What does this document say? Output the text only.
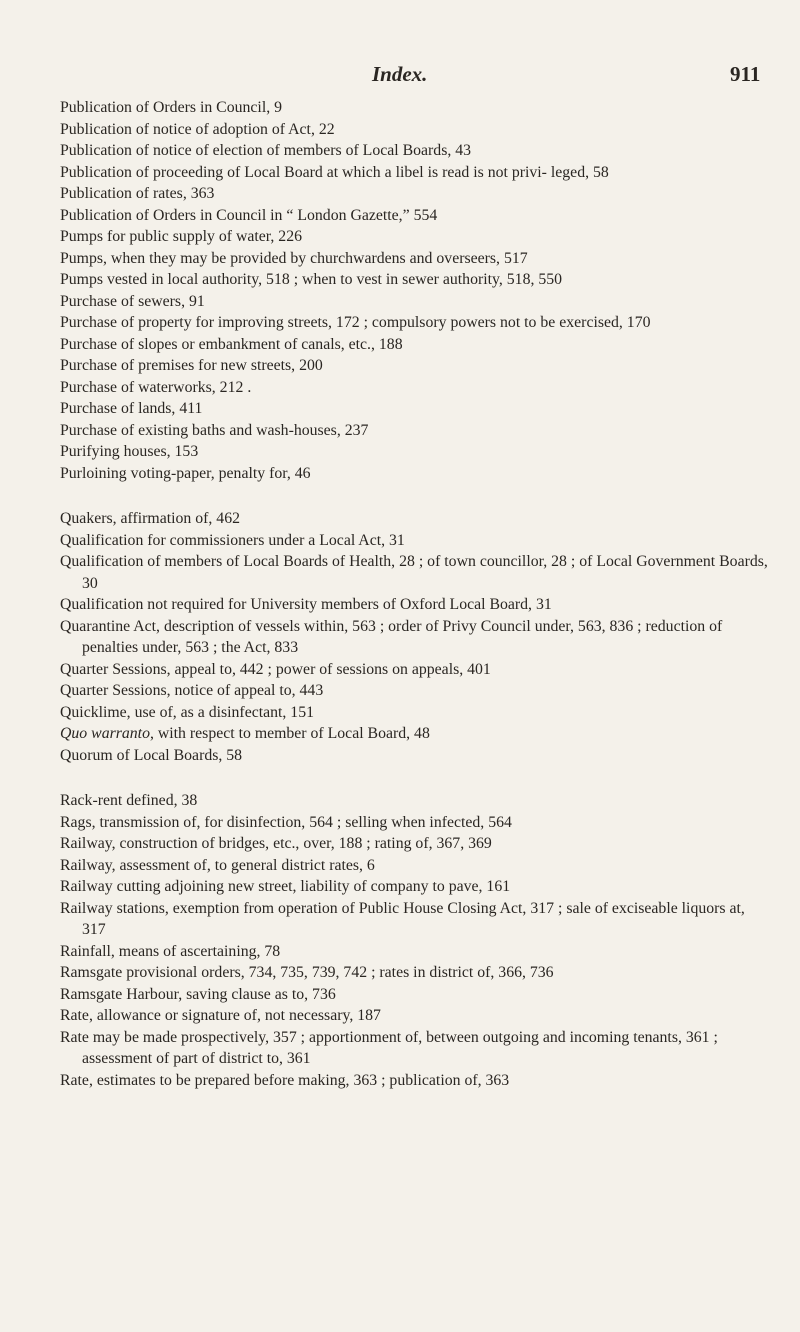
Index.	911

Publication of Orders in Council, 9

Publication of notice of adoption of Act, 22

Publication of notice of election of members of Local Boards, 43

Publication of proceeding of Local Board at which a libel is read is not privi- leged, 58

Publication of rates, 363

Publication of Orders in Council in “ London Gazette,” 554

Pumps for public supply of water, 226

Pumps, when they may be provided by churchwardens and overseers, 517

Pumps vested in local authority, 518 ; when to vest in sewer authority, 518, 550

Purchase of sewers, 91

Purchase of property for improving streets, 172 ; compulsory powers not to be exercised, 170

Purchase of slopes or embankment of canals, etc., 188

Purchase of premises for new streets, 200

Purchase of waterworks, 212 .

Purchase of lands, 411

Purchase of existing baths and wash-houses, 237

Purifying houses, 153

Purloining voting-paper, penalty for, 46

Quakers, affirmation of, 462

Qualification for commissioners under a Local Act, 31

Qualification of members of Local Boards of Health, 28 ; of town councillor, 28 ; of Local Government Boards, 30

Qualification not required for University members of Oxford Local Board, 31

Quarantine Act, description of vessels within, 563 ; order of Privy Council under, 563, 836 ; reduction of penalties under, 563 ; the Act, 833

Quarter Sessions, appeal to, 442 ; power of sessions on appeals, 401

Quarter Sessions, notice of appeal to, 443

Quicklime, use of, as a disinfectant, 151

Quo warranto, with respect to member of Local Board, 48

Quorum of Local Boards, 58

Rack-rent defined, 38

Rags, transmission of, for disinfection, 564 ; selling when infected, 564

Railway, construction of bridges, etc., over, 188 ; rating of, 367, 369

Railway, assessment of, to general district rates, 6

Railway cutting adjoining new street, liability of company to pave, 161

Railway stations, exemption from operation of Public House Closing Act, 317 ; sale of exciseable liquors at, 317

Rainfall, means of ascertaining, 78

Ramsgate provisional orders, 734, 735, 739, 742 ; rates in district of, 366, 736

Ramsgate Harbour, saving clause as to, 736

Rate, allowance or signature of, not necessary, 187

Rate may be made prospectively, 357 ; apportionment of, between outgoing and incoming tenants, 361 ; assessment of part of district to, 361

Rate, estimates to be prepared before making, 363 ; publication of, 363
